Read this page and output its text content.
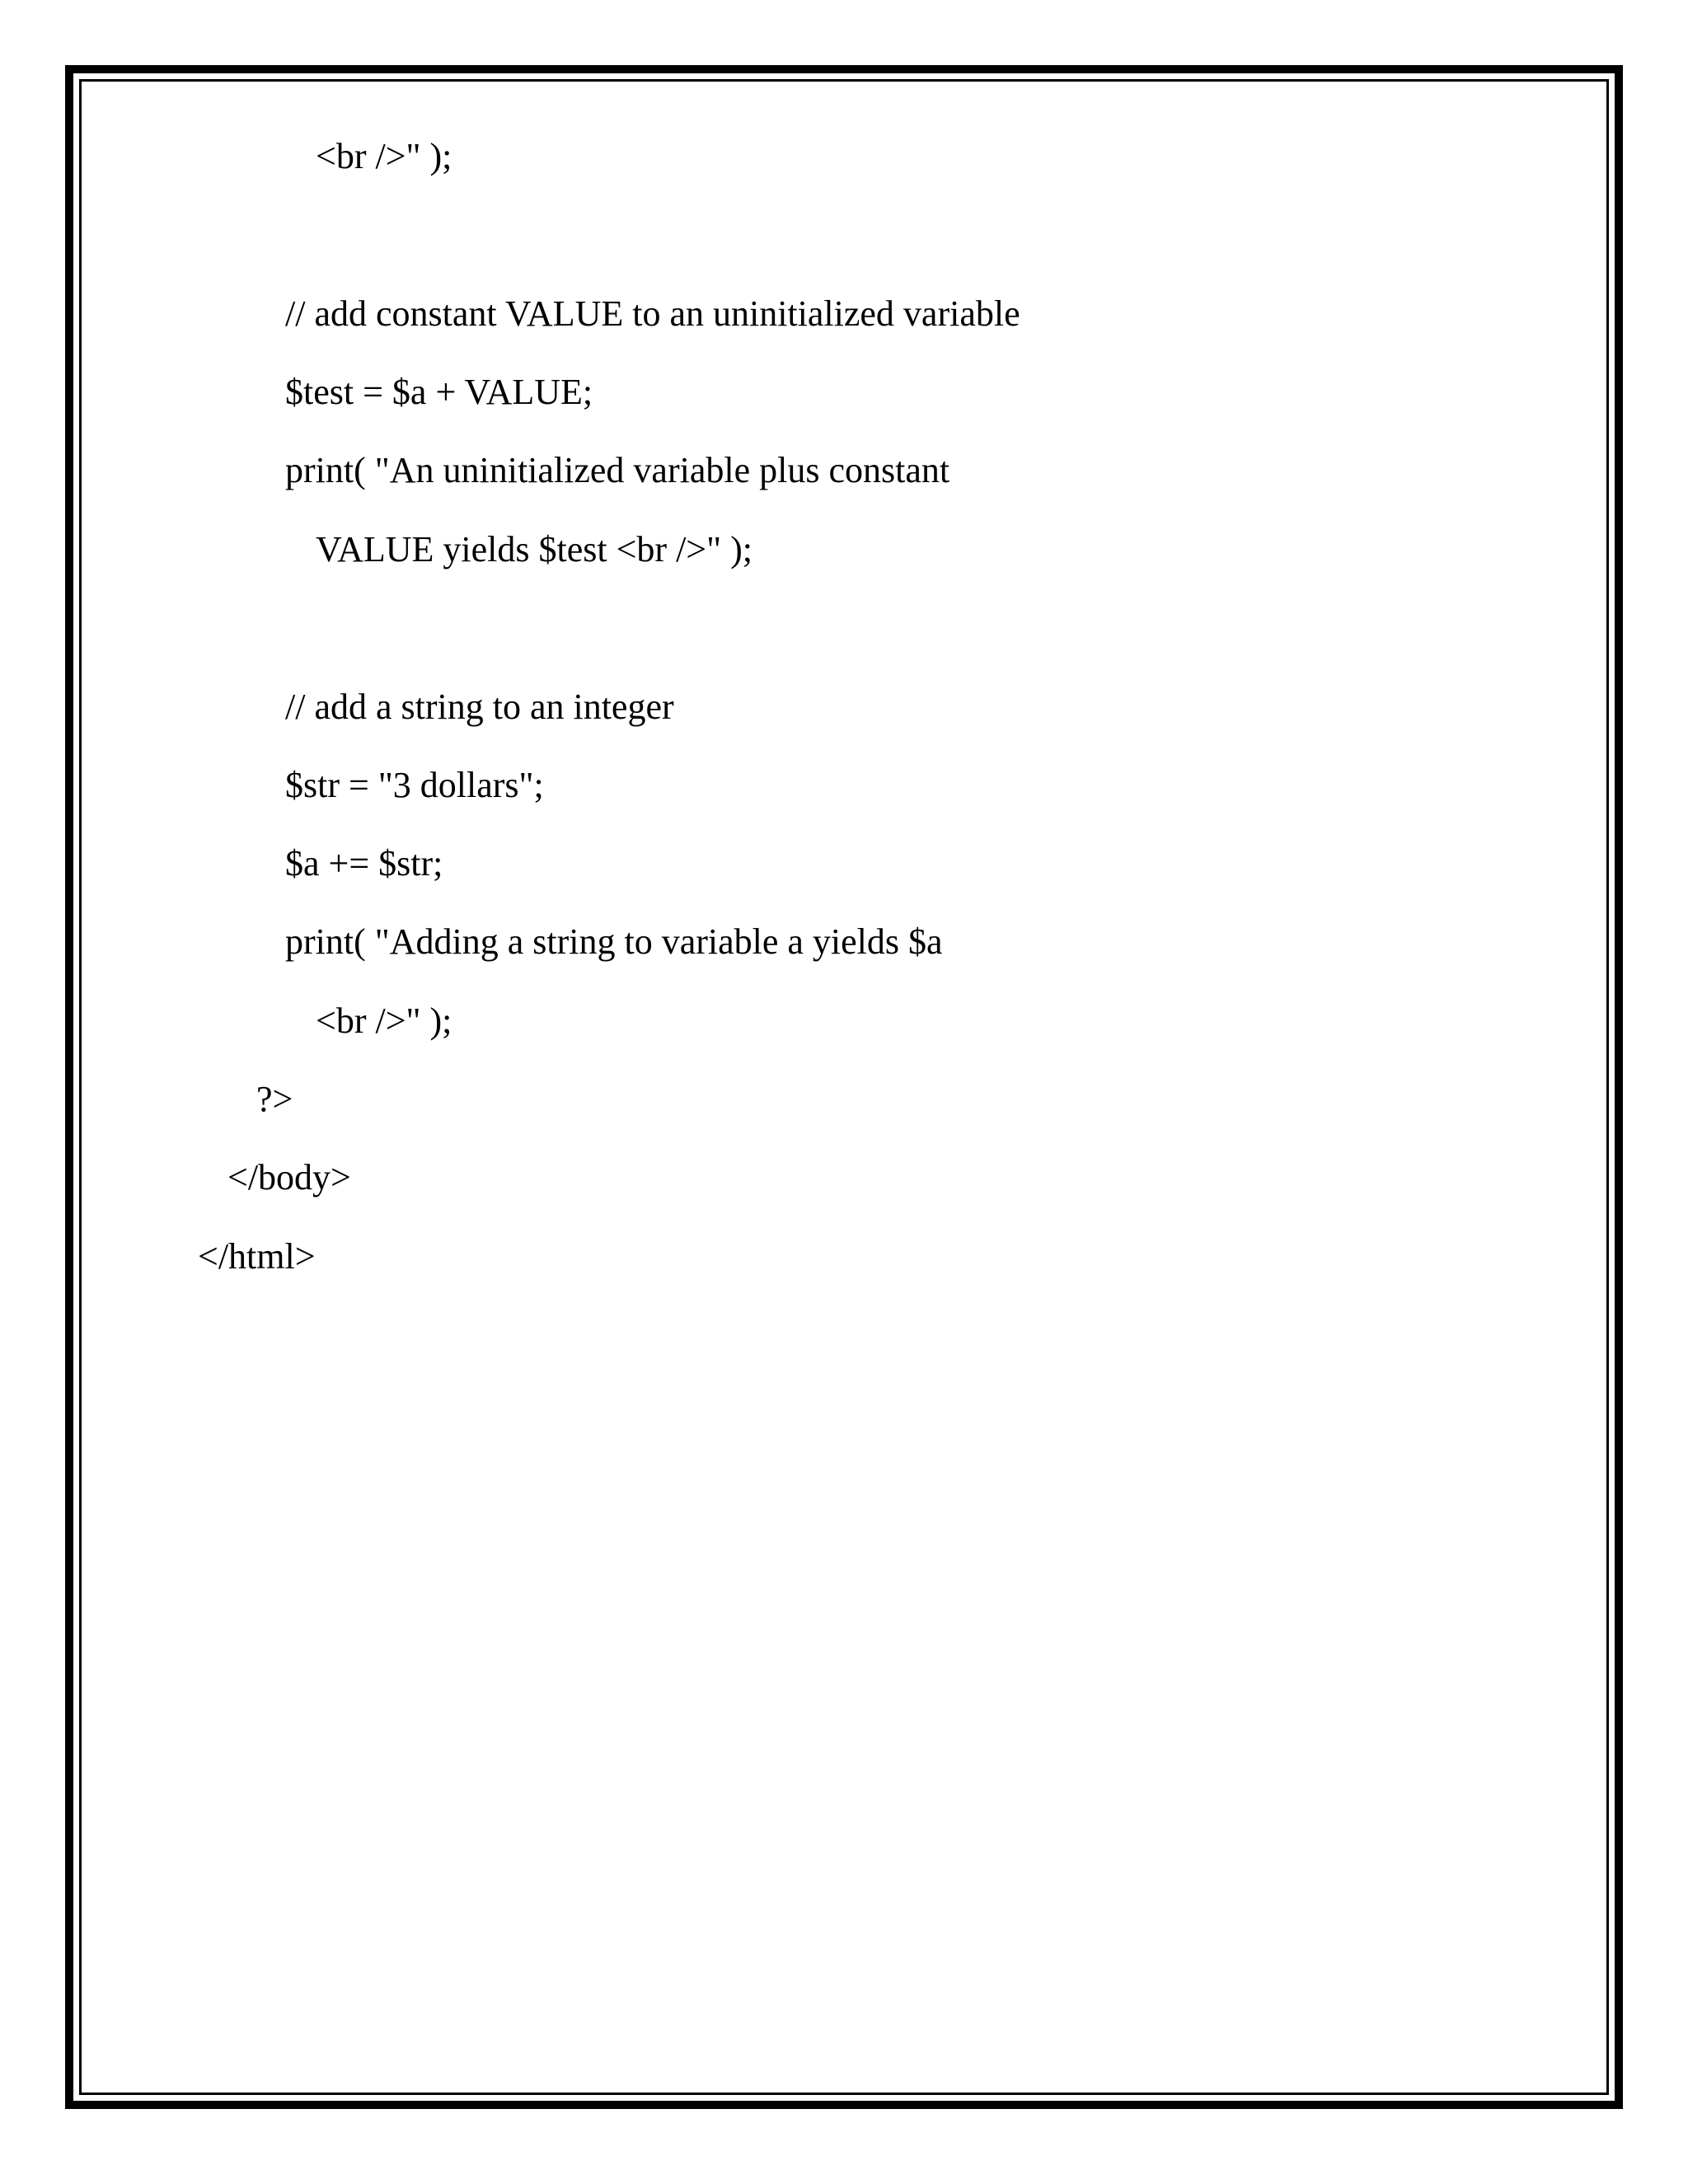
<br />" );

// add constant VALUE to an uninitialized variable

$test = $a + VALUE;

print( "An uninitialized variable plus constant

VALUE yields $test <br />" );

// add a string to an integer

$str = "3 dollars";

$a += $str;

print( "Adding a string to variable a yields $a

<br />" );

?>

</body>

</html>
